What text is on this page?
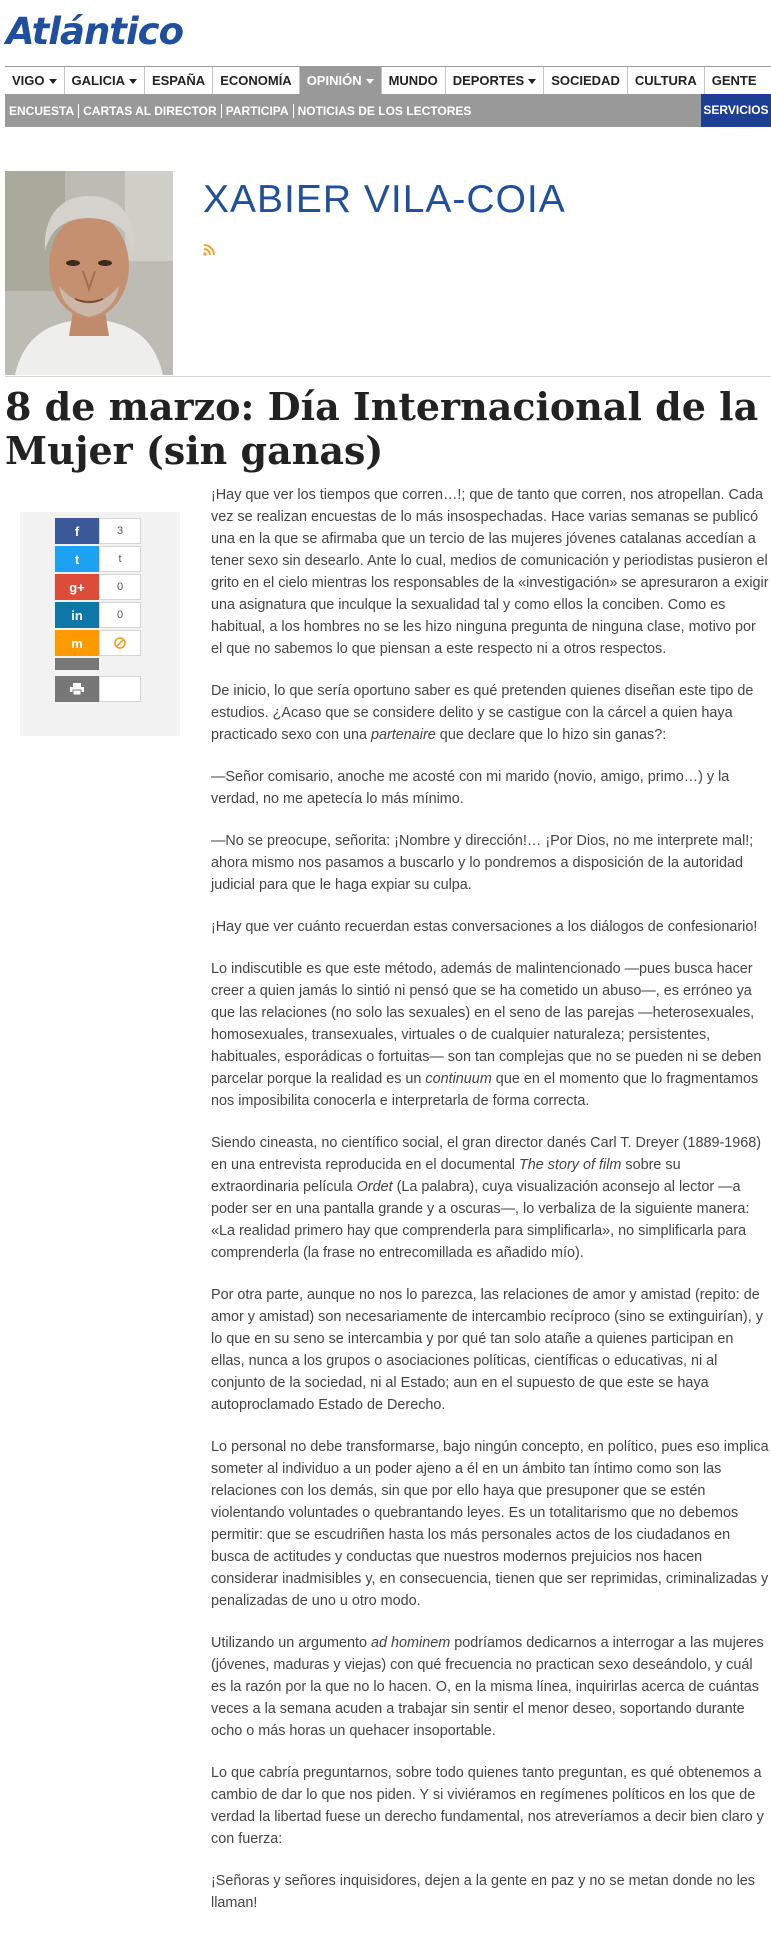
Atlántico
VIGO	GALICIA	ESPAÑA	ECONOMÍA	OPINIÓN	MUNDO	DEPORTES	SOCIEDAD	CULTURA	GENTE
ENCUESTA CARTAS AL DIRECTOR PARTICIPA NOTICIAS DE LOS LECTORES	SERVICIOS
XABIER VILA-COIA
8 de marzo: Día Internacional de la Mujer (sin ganas)
f	3
t	t
g+	0
in	0
m

¡Hay que ver los tiempos que corren…!; que de tanto que corren, nos atropellan. Cada vez se realizan encuestas de lo más insospechadas. Hace varias semanas se publicó una en la que se afirmaba que un tercio de las mujeres jóvenes catalanas accedían a tener sexo sin desearlo. Ante lo cual, medios de comunicación y periodistas pusieron el grito en el cielo mientras los responsables de la «investigación» se apresuraron a exigir una asignatura que inculque la sexualidad tal y como ellos la conciben. Como es habitual, a los hombres no se les hizo ninguna pregunta de ninguna clase, motivo por el que no sabemos lo que piensan a este respecto ni a otros respectos.

De inicio, lo que sería oportuno saber es qué pretenden quienes diseñan este tipo de estudios. ¿Acaso que se considere delito y se castigue con la cárcel a quien haya practicado sexo con una partenaire que declare que lo hizo sin ganas?:

—Señor comisario, anoche me acosté con mi marido (novio, amigo, primo…) y la verdad, no me apetecía lo más mínimo.

—No se preocupe, señorita: ¡Nombre y dirección!… ¡Por Dios, no me interprete mal!; ahora mismo nos pasamos a buscarlo y lo pondremos a disposición de la autoridad judicial para que le haga expiar su culpa.

¡Hay que ver cuánto recuerdan estas conversaciones a los diálogos de confesionario!

Lo indiscutible es que este método, además de malintencionado —pues busca hacer creer a quien jamás lo sintió ni pensó que se ha cometido un abuso—, es erróneo ya que las relaciones (no solo las sexuales) en el seno de las parejas —heterosexuales, homosexuales, transexuales, virtuales o de cualquier naturaleza; persistentes, habituales, esporádicas o fortuitas— son tan complejas que no se pueden ni se deben parcelar porque la realidad es un continuum que en el momento que lo fragmentamos nos imposibilita conocerla e interpretarla de forma correcta.

Siendo cineasta, no científico social, el gran director danés Carl T. Dreyer (1889-1968) en una entrevista reproducida en el documental The story of film sobre su extraordinaria película Ordet (La palabra), cuya visualización aconsejo al lector —a poder ser en una pantalla grande y a oscuras—, lo verbaliza de la siguiente manera: «La realidad primero hay que comprenderla para simplificarla», no simplificarla para comprenderla (la frase no entrecomillada es añadido mío).

Por otra parte, aunque no nos lo parezca, las relaciones de amor y amistad (repito: de amor y amistad) son necesariamente de intercambio recíproco (sino se extinguirían), y lo que en su seno se intercambia y por qué tan solo atañe a quienes participan en ellas, nunca a los grupos o asociaciones políticas, científicas o educativas, ni al conjunto de la sociedad, ni al Estado; aun en el supuesto de que este se haya autoproclamado Estado de Derecho.

Lo personal no debe transformarse, bajo ningún concepto, en político, pues eso implica someter al individuo a un poder ajeno a él en un ámbito tan íntimo como son las relaciones con los demás, sin que por ello haya que presuponer que se estén violentando voluntades o quebrantando leyes. Es un totalitarismo que no debemos permitir: que se escudriñen hasta los más personales actos de los ciudadanos en busca de actitudes y conductas que nuestros modernos prejuicios nos hacen considerar inadmisibles y, en consecuencia, tienen que ser reprimidas, criminalizadas y penalizadas de uno u otro modo.

Utilizando un argumento ad hominem podríamos dedicarnos a interrogar a las mujeres (jóvenes, maduras y viejas) con qué frecuencia no practican sexo deseándolo, y cuál es la razón por la que no lo hacen. O, en la misma línea, inquirirlas acerca de cuántas veces a la semana acuden a trabajar sin sentir el menor deseo, soportando durante ocho o más horas un quehacer insoportable.

Lo que cabría preguntarnos, sobre todo quienes tanto preguntan, es qué obtenemos a cambio de dar lo que nos piden. Y si viviéramos en regímenes políticos en los que de verdad la libertad fuese un derecho fundamental, nos atreveríamos a decir bien claro y con fuerza:

¡Señoras y señores inquisidores, dejen a la gente en paz y no se metan donde no les llaman!
